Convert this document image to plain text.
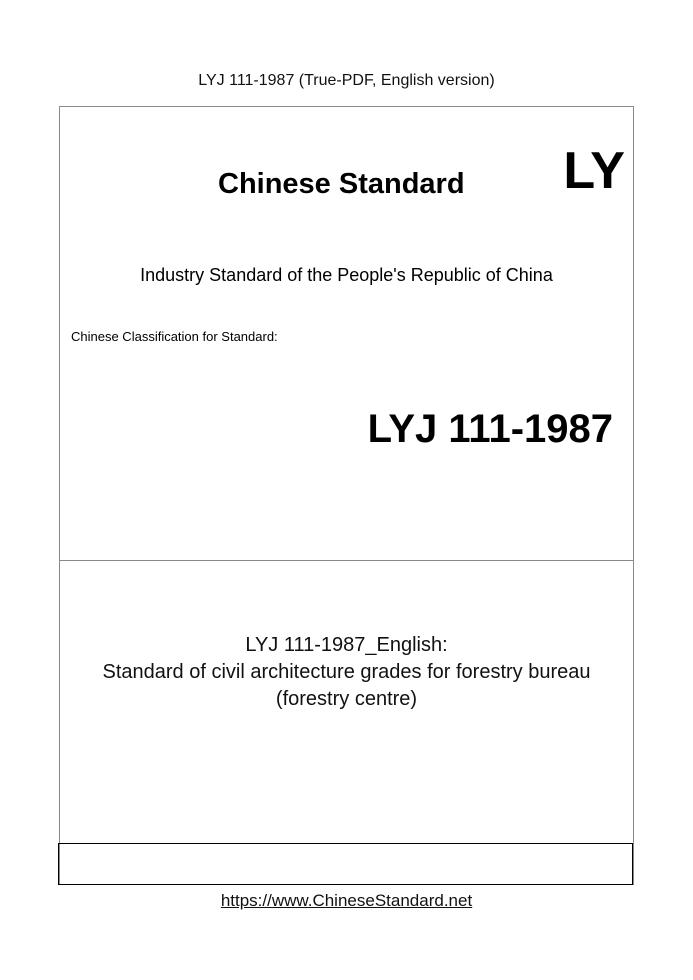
LYJ 111-1987 (True-PDF, English version)
Chinese Standard LY
Industry Standard of the People's Republic of China
Chinese Classification for Standard:
LYJ 111-1987
LYJ 111-1987_English:
Standard of civil architecture grades for forestry bureau
(forestry centre)
https://www.ChineseStandard.net
